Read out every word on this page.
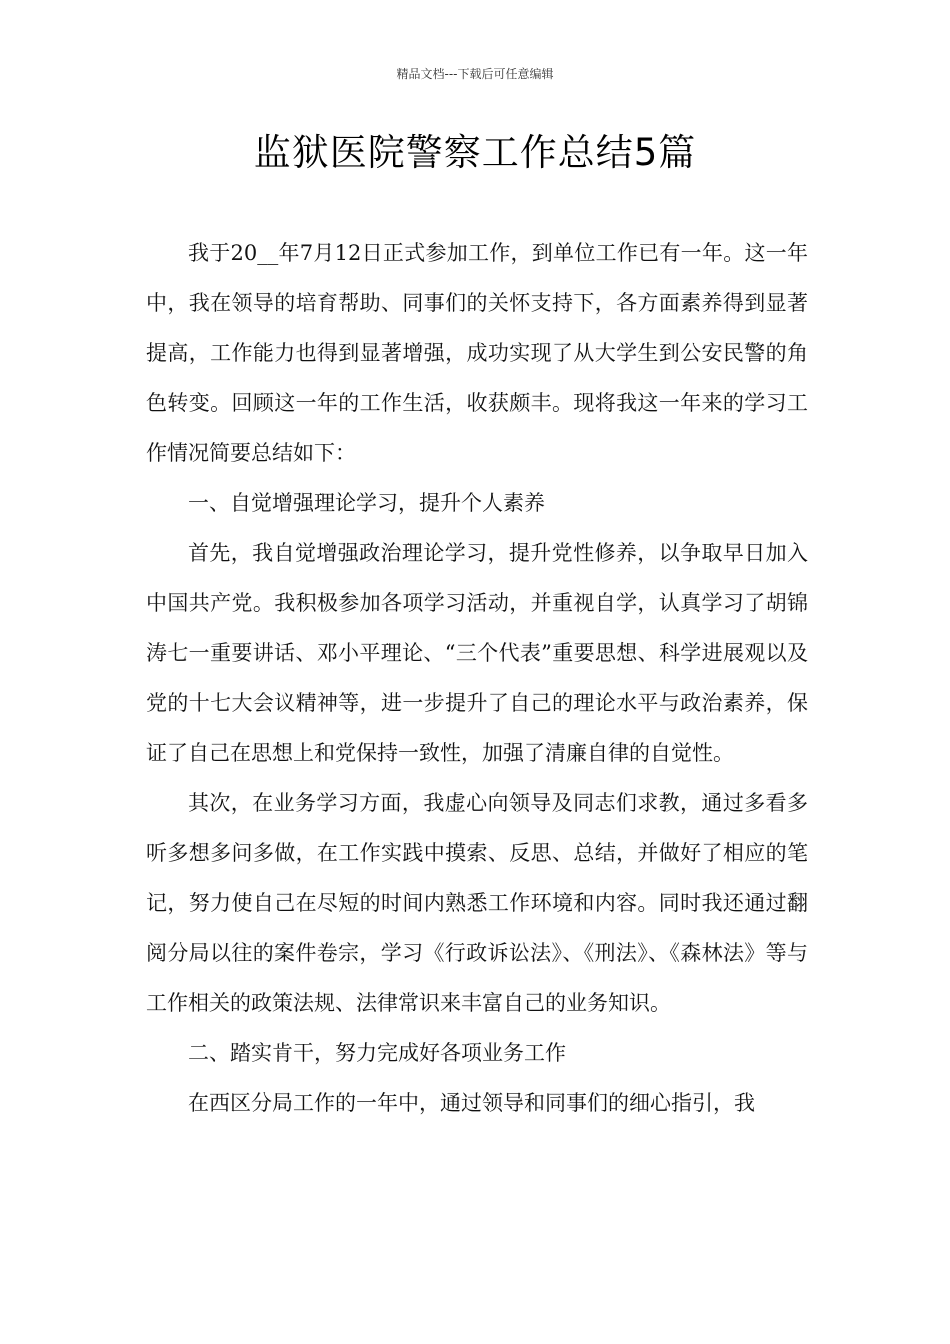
精品文档---下载后可任意编辑
监狱医院警察工作总结5篇

我于20__年7月12日正式参加工作，到单位工作已有一年。这一年中，我在领导的培育帮助、同事们的关怀支持下，各方面素养得到显著提高，工作能力也得到显著增强，成功实现了从大学生到公安民警的角色转变。回顾这一年的工作生活，收获颇丰。现将我这一年来的学习工作情况简要总结如下：

一、自觉增强理论学习，提升个人素养

首先，我自觉增强政治理论学习，提升党性修养，以争取早日加入中国共产党。我积极参加各项学习活动，并重视自学，认真学习了胡锦涛七一重要讲话、邓小平理论、“三个代表”重要思想、科学进展观以及党的十七大会议精神等，进一步提升了自己的理论水平与政治素养，保证了自己在思想上和党保持一致性，加强了清廉自律的自觉性。

其次，在业务学习方面，我虚心向领导及同志们求教，通过多看多听多想多问多做，在工作实践中摸索、反思、总结，并做好了相应的笔记，努力使自己在尽短的时间内熟悉工作环境和内容。同时我还通过翻阅分局以往的案件卷宗，学习《行政诉讼法》、《刑法》、《森林法》等与工作相关的政策法规、法律常识来丰富自己的业务知识。

二、踏实肯干，努力完成好各项业务工作

在西区分局工作的一年中，通过领导和同事们的细心指引，我
